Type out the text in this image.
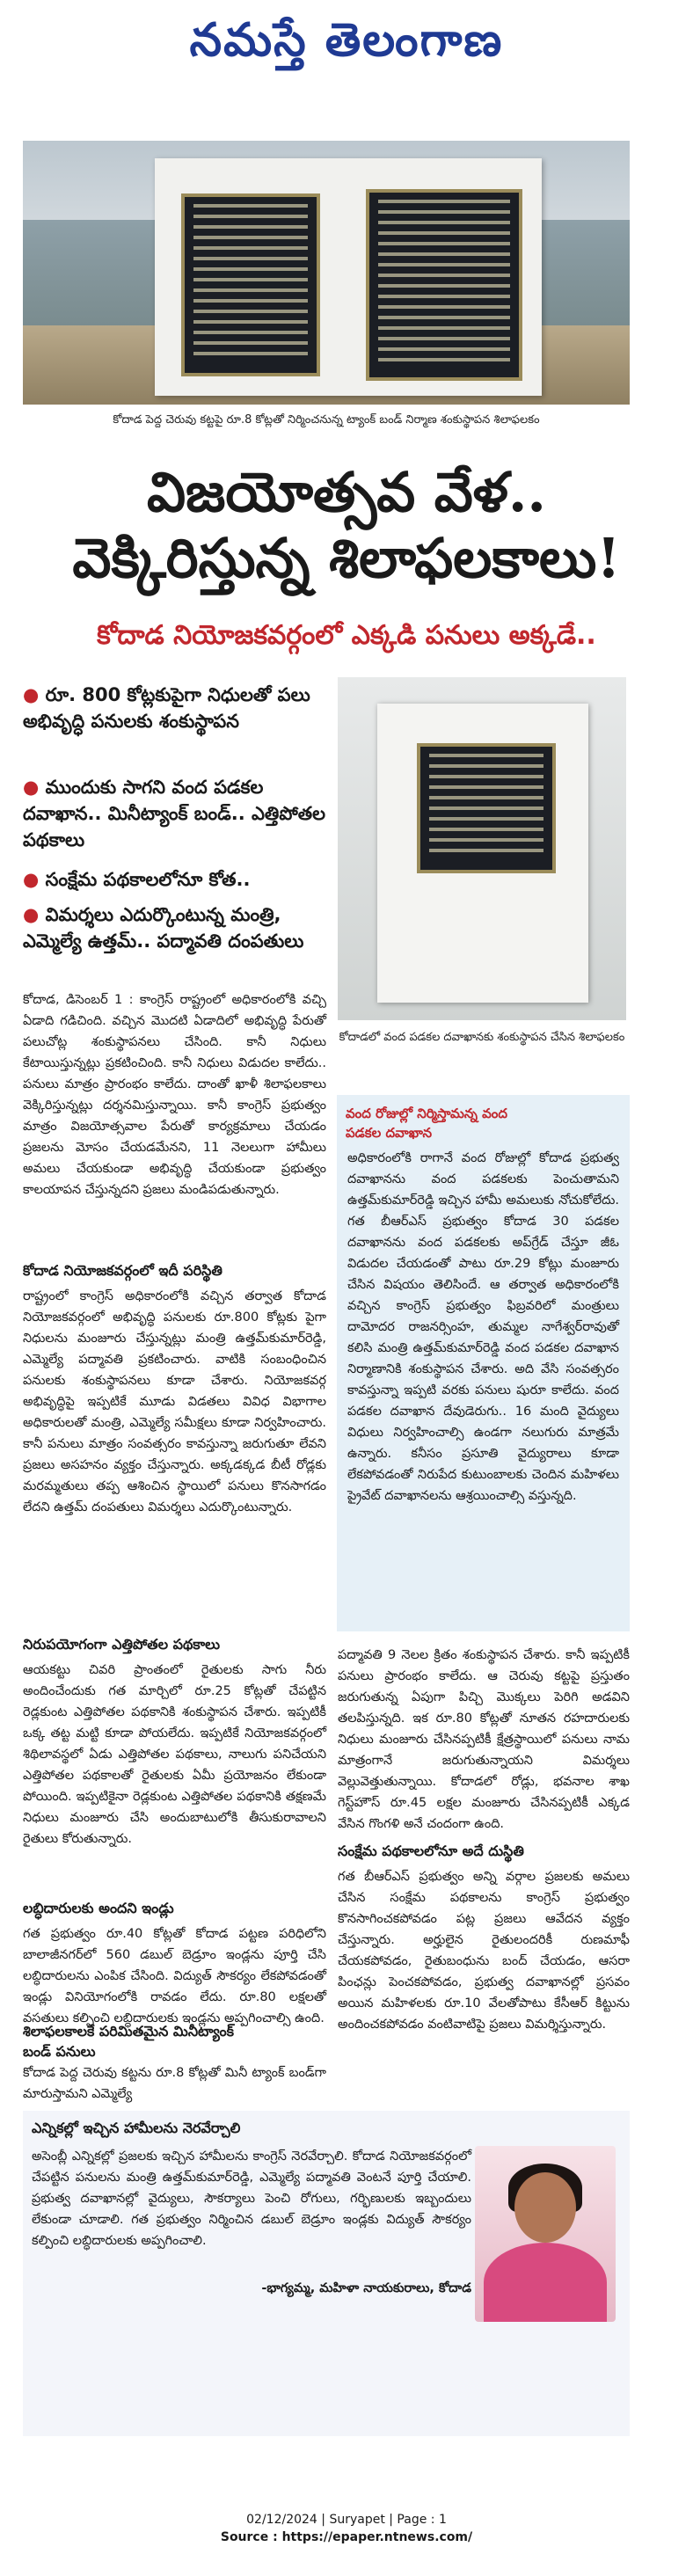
నమస్తే తెలంగాణ
కోదాడ పెద్ద చెరువు కట్టపై రూ.8 కోట్లతో నిర్మించనున్న ట్యాంక్ బండ్ నిర్మాణ శంకుస్థాపన శిలాఫలకం
విజయోత్సవ వేళ..
వెక్కిరిస్తున్న శిలాఫలకాలు!
కోదాడ నియోజకవర్గంలో ఎక్కడి పనులు అక్కడే..
● రూ. 800 కోట్లకుపైగా నిధులతో పలు అభివృద్ధి పనులకు శంకుస్థాపన
● ముందుకు సాగని వంద పడకల దవాఖాన.. మినీట్యాంక్ బండ్.. ఎత్తిపోతల పథకాలు
● సంక్షేమ పథకాలలోనూ కోత..
● విమర్శలు ఎదుర్కొంటున్న మంత్రి, ఎమ్మెల్యే ఉత్తమ్.. పద్మావతి దంపతులు
కోదాడలో వంద పడకల దవాఖానకు శంకుస్థాపన చేసిన శిలాఫలకం
కోదాడ, డిసెంబర్ 1 : కాంగ్రెస్ రాష్ట్రంలో అధికారంలోకి వచ్చి ఏడాది గడిచింది. వచ్చిన మొదటి ఏడాదిలో అభివృద్ధి పేరుతో పలుచోట్ల శంకుస్థాపనలు చేసింది. కానీ నిధులు కేటాయిస్తున్నట్లు ప్రకటించింది. కానీ నిధులు విడుదల కాలేదు.. పనులు మాత్రం ప్రారంభం కాలేదు. దాంతో ఖాళీ శిలాఫలకాలు వెక్కిరిస్తున్నట్లు దర్శనమిస్తున్నాయి. కానీ కాంగ్రెస్ ప్రభుత్వం మాత్రం విజయోత్సవాల పేరుతో కార్యక్రమాలు చేయడం ప్రజలను మోసం చేయడమేనని, 11 నెలలుగా హామీలు అమలు చేయకుండా అభివృద్ధి చేయకుండా ప్రభుత్వం కాలయాపన చేస్తున్నదని ప్రజలు మండిపడుతున్నారు.
కోదాడ నియోజకవర్గంలో ఇదీ పరిస్థితి
రాష్ట్రంలో కాంగ్రెస్ అధికారంలోకి వచ్చిన తర్వాత కోదాడ నియోజకవర్గంలో అభివృద్ధి పనులకు రూ.800 కోట్లకు పైగా నిధులను మంజూరు చేస్తున్నట్లు మంత్రి ఉత్తమ్‌కుమార్‌రెడ్డి, ఎమ్మెల్యే పద్మావతి ప్రకటించారు. వాటికి సంబంధించిన పనులకు శంకుస్థాపనలు కూడా చేశారు. నియోజకవర్గ అభివృద్ధిపై ఇప్పటికే మూడు విడతలు వివిధ విభాగాల అధికారులతో మంత్రి, ఎమ్మెల్యే సమీక్షలు కూడా నిర్వహించారు. కానీ పనులు మాత్రం సంవత్సరం కావస్తున్నా జరుగుతూ లేవని ప్రజలు అసహనం వ్యక్తం చేస్తున్నారు. అక్కడక్కడ బీటీ రోడ్లకు మరమ్మతులు తప్ప ఆశించిన స్థాయిలో పనులు కొనసాగడం లేదని ఉత్తమ్ దంపతులు విమర్శలు ఎదుర్కొంటున్నారు.
నిరుపయోగంగా ఎత్తిపోతల పథకాలు
ఆయకట్టు చివరి ప్రాంతంలో రైతులకు సాగు నీరు అందించేందుకు గత మార్చిలో రూ.25 కోట్లతో చేపట్టిన రెడ్లకుంట ఎత్తిపోతల పథకానికి శంకుస్థాపన చేశారు. ఇప్పటికీ ఒక్క తట్ట మట్టి కూడా పోయలేదు. ఇప్పటికే నియోజకవర్గంలో శిథిలావస్థలో ఏడు ఎత్తిపోతల పథకాలు, నాలుగు పనిచేయని ఎత్తిపోతల పథకాలతో రైతులకు ఏమీ ప్రయోజనం లేకుండా పోయింది. ఇప్పటికైనా రెడ్లకుంట ఎత్తిపోతల పథకానికి తక్షణమే నిధులు మంజూరు చేసి అందుబాటులోకి తీసుకురావాలని రైతులు కోరుతున్నారు.
లబ్ధిదారులకు అందని ఇండ్లు
గత ప్రభుత్వం రూ.40 కోట్లతో కోదాడ పట్టణ పరిధిలోని బాలాజీనగర్‌లో 560 డబుల్ బెడ్రూం ఇండ్లను పూర్తి చేసి లబ్ధిదారులను ఎంపిక చేసింది. విద్యుత్ సౌకర్యం లేకపోవడంతో ఇండ్లు వినియోగంలోకి రావడం లేదు. రూ.80 లక్షలతో వసతులు కల్పించి లబ్ధిదారులకు ఇండ్లను అప్పగించాల్సి ఉంది.
శిలాఫలకాలకే పరిమితమైన మినీట్యాంక్ బండ్ పనులు
కోదాడ పెద్ద చెరువు కట్టను రూ.8 కోట్లతో మినీ ట్యాంక్ బండ్‌గా మారుస్తామని ఎమ్మెల్యే
వంద రోజుల్లో నిర్మిస్తామన్న వంద పడకల దవాఖాన
అధికారంలోకి రాగానే వంద రోజుల్లో కోదాడ ప్రభుత్వ దవాఖానను వంద పడకలకు పెంచుతామని ఉత్తమ్‌కుమార్‌రెడ్డి ఇచ్చిన హామీ అమలుకు నోచుకోలేదు. గత బీఆర్ఎస్ ప్రభుత్వం కోదాడ 30 పడకల దవాఖానను వంద పడకలకు అప్‌గ్రేడ్ చేస్తూ జీఓ విడుదల చేయడంతో పాటు రూ.29 కోట్లు మంజూరు చేసిన విషయం తెలిసిందే. ఆ తర్వాత అధికారంలోకి వచ్చిన కాంగ్రెస్ ప్రభుత్వం ఫిబ్రవరిలో మంత్రులు దామోదర రాజనర్సింహ, తుమ్మల నాగేశ్వర్‌రావుతో కలిసి మంత్రి ఉత్తమ్‌కుమార్‌రెడ్డి వంద పడకల దవాఖాన నిర్మాణానికి శంకుస్థాపన చేశారు. అది వేసి సంవత్సరం కావస్తున్నా ఇప్పటి వరకు పనులు షురూ కాలేదు. వంద పడకల దవాఖాన దేవుడెరుగు.. 16 మంది వైద్యులు విధులు నిర్వహించాల్సి ఉండగా నలుగురు మాత్రమే ఉన్నారు. కనీసం ప్రసూతి వైద్యురాలు కూడా లేకపోవడంతో నిరుపేద కుటుంబాలకు చెందిన మహిళలు ప్రైవేట్ దవాఖానలను ఆశ్రయించాల్సి వస్తున్నది.
పద్మావతి 9 నెలల క్రితం శంకుస్థాపన చేశారు. కానీ ఇప్పటికీ పనులు ప్రారంభం కాలేదు. ఆ చెరువు కట్టపై ప్రస్తుతం జరుగుతున్న ఏపుగా పిచ్చి మొక్కలు పెరిగి అడవిని తలపిస్తున్నది. ఇక రూ.80 కోట్లతో నూతన రహదారులకు నిధులు మంజూరు చేసినప్పటికీ క్షేత్రస్థాయిలో పనులు నామ మాత్రంగానే జరుగుతున్నాయని విమర్శలు వెల్లువెత్తుతున్నాయి. కోదాడలో రోడ్లు, భవనాల శాఖ గెస్ట్‌హౌస్ రూ.45 లక్షల మంజూరు చేసినప్పటికీ ఎక్కడ వేసిన గొంగళి అనే చందంగా ఉంది.
సంక్షేమ పథకాలలోనూ అదే దుస్థితి
గత బీఆర్ఎస్ ప్రభుత్వం అన్ని వర్గాల ప్రజలకు అమలు చేసిన సంక్షేమ పథకాలను కాంగ్రెస్ ప్రభుత్వం కొనసాగించకపోవడం పట్ల ప్రజలు ఆవేదన వ్యక్తం చేస్తున్నారు. అర్హులైన రైతులందరికీ రుణమాఫీ చేయకపోవడం, రైతుబంధును బంద్ చేయడం, ఆసరా పింఛన్లు పెంచకపోవడం, ప్రభుత్వ దవాఖానల్లో ప్రసవం అయిన మహిళలకు రూ.10 వేలతోపాటు కేసీఆర్ కిట్టును అందించకపోవడం వంటివాటిపై ప్రజలు విమర్శిస్తున్నారు.
ఎన్నికల్లో ఇచ్చిన హామీలను నెరవేర్చాలి
అసెంబ్లీ ఎన్నికల్లో ప్రజలకు ఇచ్చిన హామీలను కాంగ్రెస్ నెరవేర్చాలి. కోదాడ నియోజకవర్గంలో చేపట్టిన పనులను మంత్రి ఉత్తమ్‌కుమార్‌రెడ్డి, ఎమ్మెల్యే పద్మావతి వెంటనే పూర్తి చేయాలి. ప్రభుత్వ దవాఖానల్లో వైద్యులు, సౌకర్యాలు పెంచి రోగులు, గర్భిణులకు ఇబ్బందులు లేకుండా చూడాలి. గత ప్రభుత్వం నిర్మించిన డబుల్ బెడ్రూం ఇండ్లకు విద్యుత్ సౌకర్యం కల్పించి లబ్ధిదారులకు అప్పగించాలి.
-భాగ్యమ్మ, మహిళా నాయకురాలు, కోదాడ
02/12/2024 | Suryapet | Page : 1
Source : https://epaper.ntnews.com/
